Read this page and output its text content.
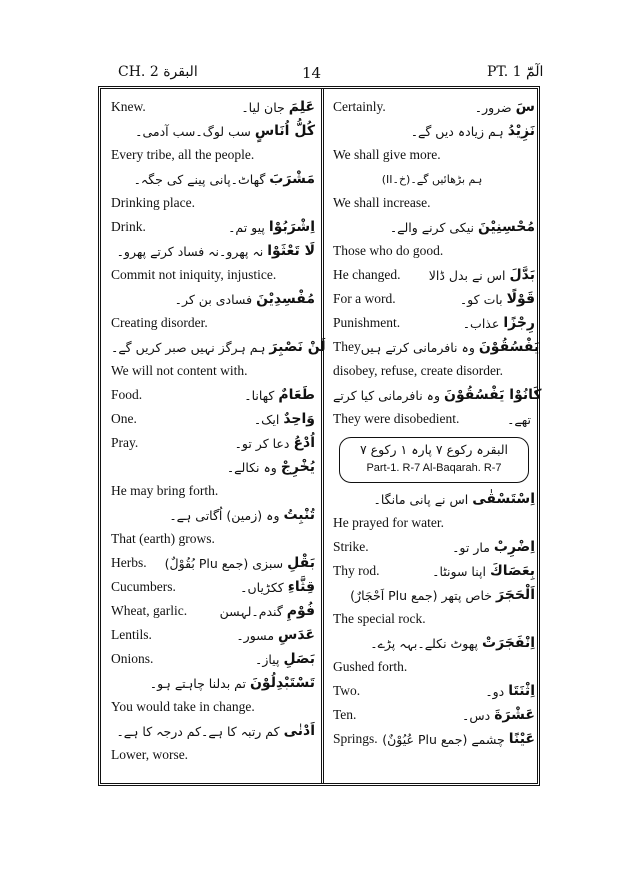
CH. 2 البقرة	14	PT. 1 الٓمّٓ
Knew.	جان لیا۔ عَلِمَ
سب لوگ۔سب آدمی۔ كُلُّ اُنَاسٍ
Every tribe, all the people.
گھاٹ۔پانی پینے کی جگہ۔ مَشْرَبَ
Drinking place.
Drink.	پیو تم۔ اِشْرَبُوْا
نہ پھرو۔نہ فساد کرتے پھرو۔ لَا تَعْثَوْا
Commit not iniquity, injustice.
فسادی بن کر۔ مُفْسِدِيْنَ
Creating disorder.
ہم ہرگز نہیں صبر کریں گے۔ لَنْ نَصْبِرَ
We will not content with.
Food.	کھانا۔ طَعَامٌ
One.	ایک۔ وَاحِدٌ
Pray.	دعا کر تو۔ اُدْعُ
وہ نکالے۔ يُخْرِجْ
He may bring forth.
وہ (زمین) اُگاتی ہے۔ تُنْبِتُ
That (earth) grows.
Herbs.	سبزی (جمع Plu بُقُوْلٌ) بَقْلِ
Cucumbers.	ککڑیاں۔ قِثَّاءِ
Wheat, garlic.	گندم۔لہسن فُوْمِ
Lentils.	مسور۔ عَدَسِ
Onions.	پیاز۔ بَصَلِ
تم بدلنا چاہتے ہو۔ تَسْتَبْدِلُوْنَ
You would take in change.
کم رتبہ کا ہے۔کم درجہ کا ہے۔ اَدْنٰى
Lower, worse.
Certainly.	ضرور۔ سَ
ہم زیادہ دیں گے۔ نَزِيْدُ
We shall give more.
ہم بڑھائیں گے۔(خ۔II)
We shall increase.
نیکی کرنے والے۔ مُحْسِنِيْنَ
Those who do good.
He changed.	اس نے بدل ڈالا بَدَّلَ
For a word.	بات کو۔ قَوْلًا
Punishment.	عذاب۔ رِجْزًا
They وہ نافرمانی کرتے ہیں يَفْسُقُوْنَ
disobey, refuse, create disorder.
وہ نافرمانی کیا کرتے كَانُوْا يَفْسُقُوْنَ
They were disobedient.	تھے۔
البقرہ رکوع ۷ پارہ ۱ رکوع ۷
Part-1. R-7 Al-Baqarah. R-7
اس نے پانی مانگا۔ اِسْتَسْقٰى
He prayed for water.
Strike.	مار تو۔ اِضْرِبْ
Thy rod.	اپنا سونٹا۔ بِعَصَاكَ
خاص پتھر (جمع Plu اَحْجَارٌ) اَلْحَجَرَ
The special rock.
پھوٹ نکلے۔بہہ پڑے۔ اِنْفَجَرَتْ
Gushed forth.
Two.	دو۔ اِثْنَتَا
Ten.	دس۔ عَشْرَةَ
Springs. چشمے (جمع Plu عُيُوْنٌ) عَيْنًا
